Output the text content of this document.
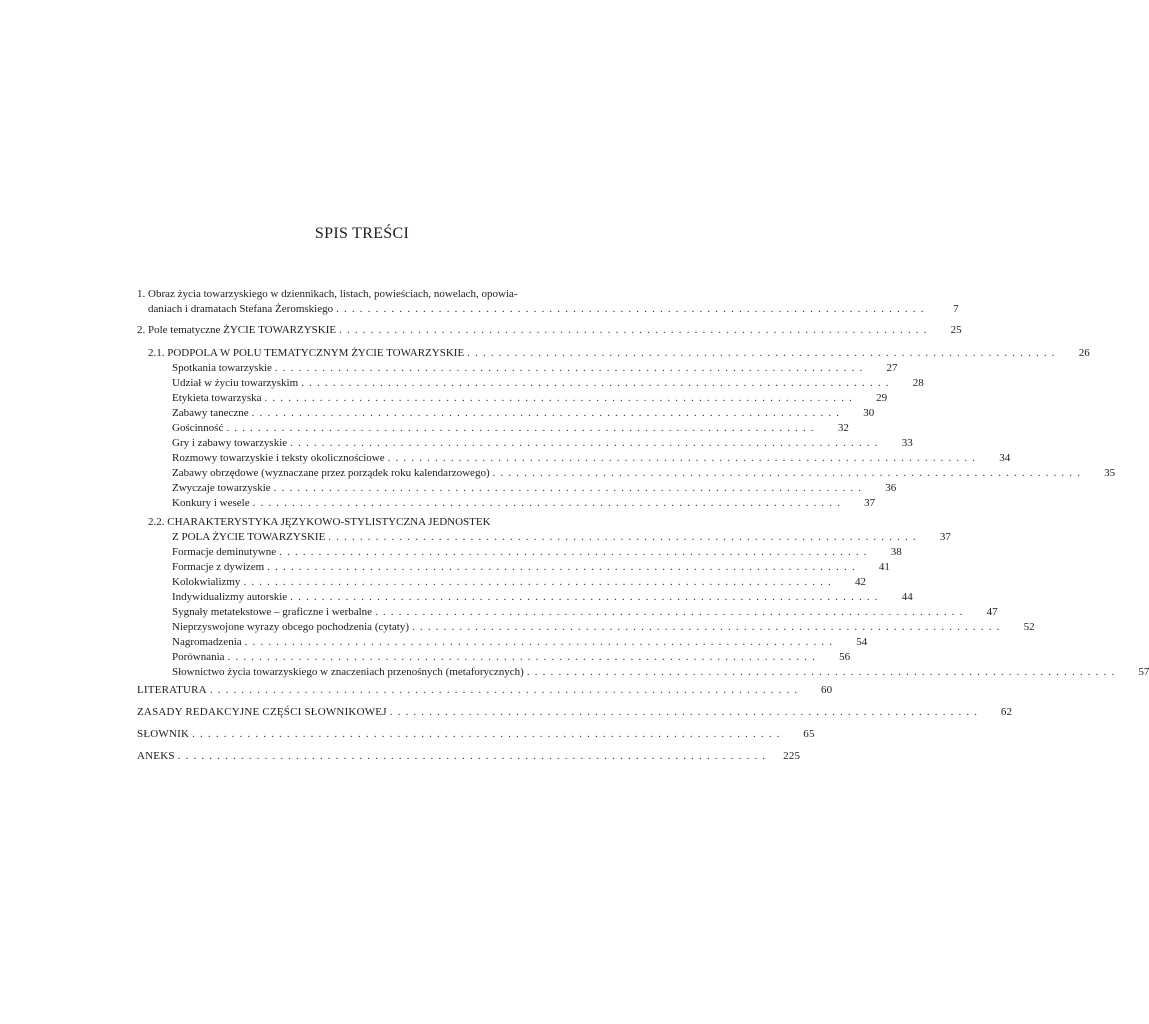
SPIS TREŚCI
1. Obraz życia towarzyskiego w dziennikach, listach, powieściach, nowelach, opowia-
daniach i dramatach Stefana Żeromskiego . . . . . . . . . . . . . . . . . . . . . . . . . . . . . . . . . . . . . . . . . . . . . . . . . . . . . . . . . . . . . . . . . . . . . . . . . . .	7
2. Pole tematyczne ŻYCIE TOWARZYSKIE . . . . . . . . . . . . . . . . . . . . . . . . . . . . . . . . . . . . . . . . . . . . . . . . . . . . . . . . . . . . . . . . . . . . . . . . . . .	25
2.1. PODPOLA W POLU TEMATYCZNYM ŻYCIE TOWARZYSKIE . . . . . . . . . . . . . . . . . . . . . . . . . . . . . . . . . . . . . . . . . . . . . . . . . . . . . . . . . . . . . . . . . . . . . . . . . . .	26
Spotkania towarzyskie . . . . . . . . . . . . . . . . . . . . . . . . . . . . . . . . . . . . . . . . . . . . . . . . . . . . . . . . . . . . . . . . . . . . . . . . . . .	27
Udział w życiu towarzyskim . . . . . . . . . . . . . . . . . . . . . . . . . . . . . . . . . . . . . . . . . . . . . . . . . . . . . . . . . . . . . . . . . . . . . . . . . . .	28
Etykieta towarzyska . . . . . . . . . . . . . . . . . . . . . . . . . . . . . . . . . . . . . . . . . . . . . . . . . . . . . . . . . . . . . . . . . . . . . . . . . . .	29
Zabawy taneczne . . . . . . . . . . . . . . . . . . . . . . . . . . . . . . . . . . . . . . . . . . . . . . . . . . . . . . . . . . . . . . . . . . . . . . . . . . .	30
Gościnność . . . . . . . . . . . . . . . . . . . . . . . . . . . . . . . . . . . . . . . . . . . . . . . . . . . . . . . . . . . . . . . . . . . . . . . . . . .	32
Gry i zabawy towarzyskie . . . . . . . . . . . . . . . . . . . . . . . . . . . . . . . . . . . . . . . . . . . . . . . . . . . . . . . . . . . . . . . . . . . . . . . . . . .	33
Rozmowy towarzyskie i teksty okolicznościowe . . . . . . . . . . . . . . . . . . . . . . . . . . . . . . . . . . . . . . . . . . . . . . . . . . . . . . . . . . . . . . . . . . . . . . . . . . .	34
Zabawy obrzędowe (wyznaczane przez porządek roku kalendarzowego) . . . . . . . . . . . . . . . . . . . . . . . . . . . . . . . . . . . . . . . . . . . . . . . . . . . . . . . . . . . . . . . . . . . . . . . . . . .	35
Zwyczaje towarzyskie . . . . . . . . . . . . . . . . . . . . . . . . . . . . . . . . . . . . . . . . . . . . . . . . . . . . . . . . . . . . . . . . . . . . . . . . . . .	36
Konkury i wesele . . . . . . . . . . . . . . . . . . . . . . . . . . . . . . . . . . . . . . . . . . . . . . . . . . . . . . . . . . . . . . . . . . . . . . . . . . .	37
2.2. CHARAKTERYSTYKA JĘZYKOWO-STYLISTYCZNA JEDNOSTEK
Z POLA ŻYCIE TOWARZYSKIE . . . . . . . . . . . . . . . . . . . . . . . . . . . . . . . . . . . . . . . . . . . . . . . . . . . . . . . . . . . . . . . . . . . . . . . . . . .	37
Formacje deminutywne . . . . . . . . . . . . . . . . . . . . . . . . . . . . . . . . . . . . . . . . . . . . . . . . . . . . . . . . . . . . . . . . . . . . . . . . . . .	38
Formacje z dywizem . . . . . . . . . . . . . . . . . . . . . . . . . . . . . . . . . . . . . . . . . . . . . . . . . . . . . . . . . . . . . . . . . . . . . . . . . . .	41
Kolokwializmy . . . . . . . . . . . . . . . . . . . . . . . . . . . . . . . . . . . . . . . . . . . . . . . . . . . . . . . . . . . . . . . . . . . . . . . . . . .	42
Indywidualizmy autorskie . . . . . . . . . . . . . . . . . . . . . . . . . . . . . . . . . . . . . . . . . . . . . . . . . . . . . . . . . . . . . . . . . . . . . . . . . . .	44
Sygnały metatekstowe – graficzne i werbalne . . . . . . . . . . . . . . . . . . . . . . . . . . . . . . . . . . . . . . . . . . . . . . . . . . . . . . . . . . . . . . . . . . . . . . . . . . .	47
Nieprzyswojone wyrazy obcego pochodzenia (cytaty) . . . . . . . . . . . . . . . . . . . . . . . . . . . . . . . . . . . . . . . . . . . . . . . . . . . . . . . . . . . . . . . . . . . . . . . . . . .	52
Nagromadzenia . . . . . . . . . . . . . . . . . . . . . . . . . . . . . . . . . . . . . . . . . . . . . . . . . . . . . . . . . . . . . . . . . . . . . . . . . . .	54
Porównania . . . . . . . . . . . . . . . . . . . . . . . . . . . . . . . . . . . . . . . . . . . . . . . . . . . . . . . . . . . . . . . . . . . . . . . . . . .	56
Słownictwo życia towarzyskiego w znaczeniach przenośnych (metaforycznych) . . . . . . . . . . . . . . . . . . . . . . . . . . . . . . . . . . . . . . . . . . . . . . . . . . . . . . . . . . . . . . . . . . . . . . . . . . .	57
LITERATURA . . . . . . . . . . . . . . . . . . . . . . . . . . . . . . . . . . . . . . . . . . . . . . . . . . . . . . . . . . . . . . . . . . . . . . . . . . .	60
ZASADY REDAKCYJNE CZĘŚCI SŁOWNIKOWEJ . . . . . . . . . . . . . . . . . . . . . . . . . . . . . . . . . . . . . . . . . . . . . . . . . . . . . . . . . . . . . . . . . . . . . . . . . . .	62
SŁOWNIK . . . . . . . . . . . . . . . . . . . . . . . . . . . . . . . . . . . . . . . . . . . . . . . . . . . . . . . . . . . . . . . . . . . . . . . . . . .	65
ANEKS . . . . . . . . . . . . . . . . . . . . . . . . . . . . . . . . . . . . . . . . . . . . . . . . . . . . . . . . . . . . . . . . . . . . . . . . . . .	225
